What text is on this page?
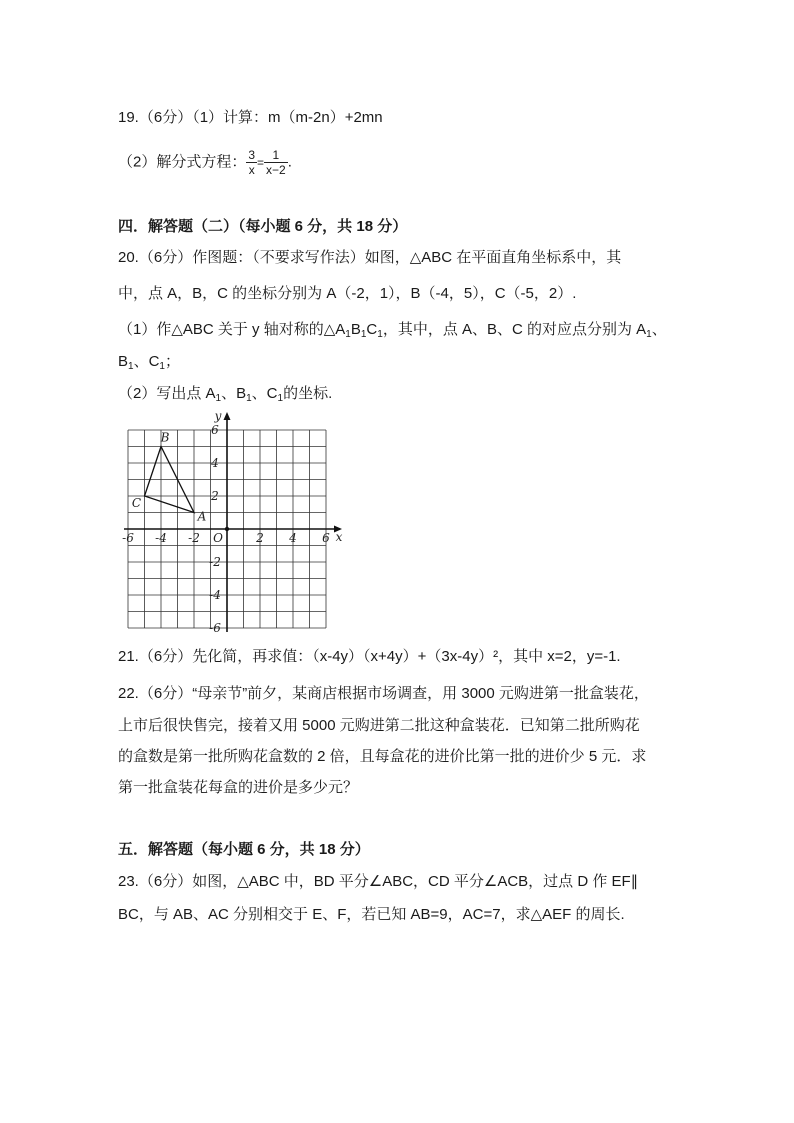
19.（6分）（1）计算：m（m-2n）+2mn
（2）解分式方程： $\frac{3}{x} = \frac{1}{x-2}$ .
四．解答题（二）（每小题 6 分，共 18 分）
20.（6分）作图题：（不要求写作法）如图，△ABC 在平面直角坐标系中，其
中，点 A，B，C 的坐标分别为 A（-2，1），B（-4，5），C（-5，2）.
（1）作△ABC 关于 y 轴对称的$\triangle A_1B_1C_1$，其中，点 A、B、C 的对应点分别为 $A_1$、
$B_1$、$C_1$；
（2）写出点 $A_1$、$B_1$、$C_1$的坐标.
-6 -4 -2	2 4 6
6
4
2
-2
-4
-6
O	x
y
A
B
C
21.（6分）先化简，再求值：（x-4y）（x+4y）+（3x-4y）²，其中 x=2，y=-1.
22.（6分）“母亲节”前夕，某商店根据市场调查，用 3000 元购进第一批盒装花，
上市后很快售完，接着又用 5000 元购进第二批这种盒装花．已知第二批所购花
的盒数是第一批所购花盒数的 2 倍，且每盒花的进价比第一批的进价少 5 元．求
第一批盒装花每盒的进价是多少元？
五．解答题（每小题 6 分，共 18 分）
23.（6分）如图，△ABC 中，BD 平分∠ABC，CD 平分∠ACB，过点 D 作 EF∥
BC，与 AB、AC 分别相交于 E、F，若已知 AB=9，AC=7，求△AEF 的周长.
